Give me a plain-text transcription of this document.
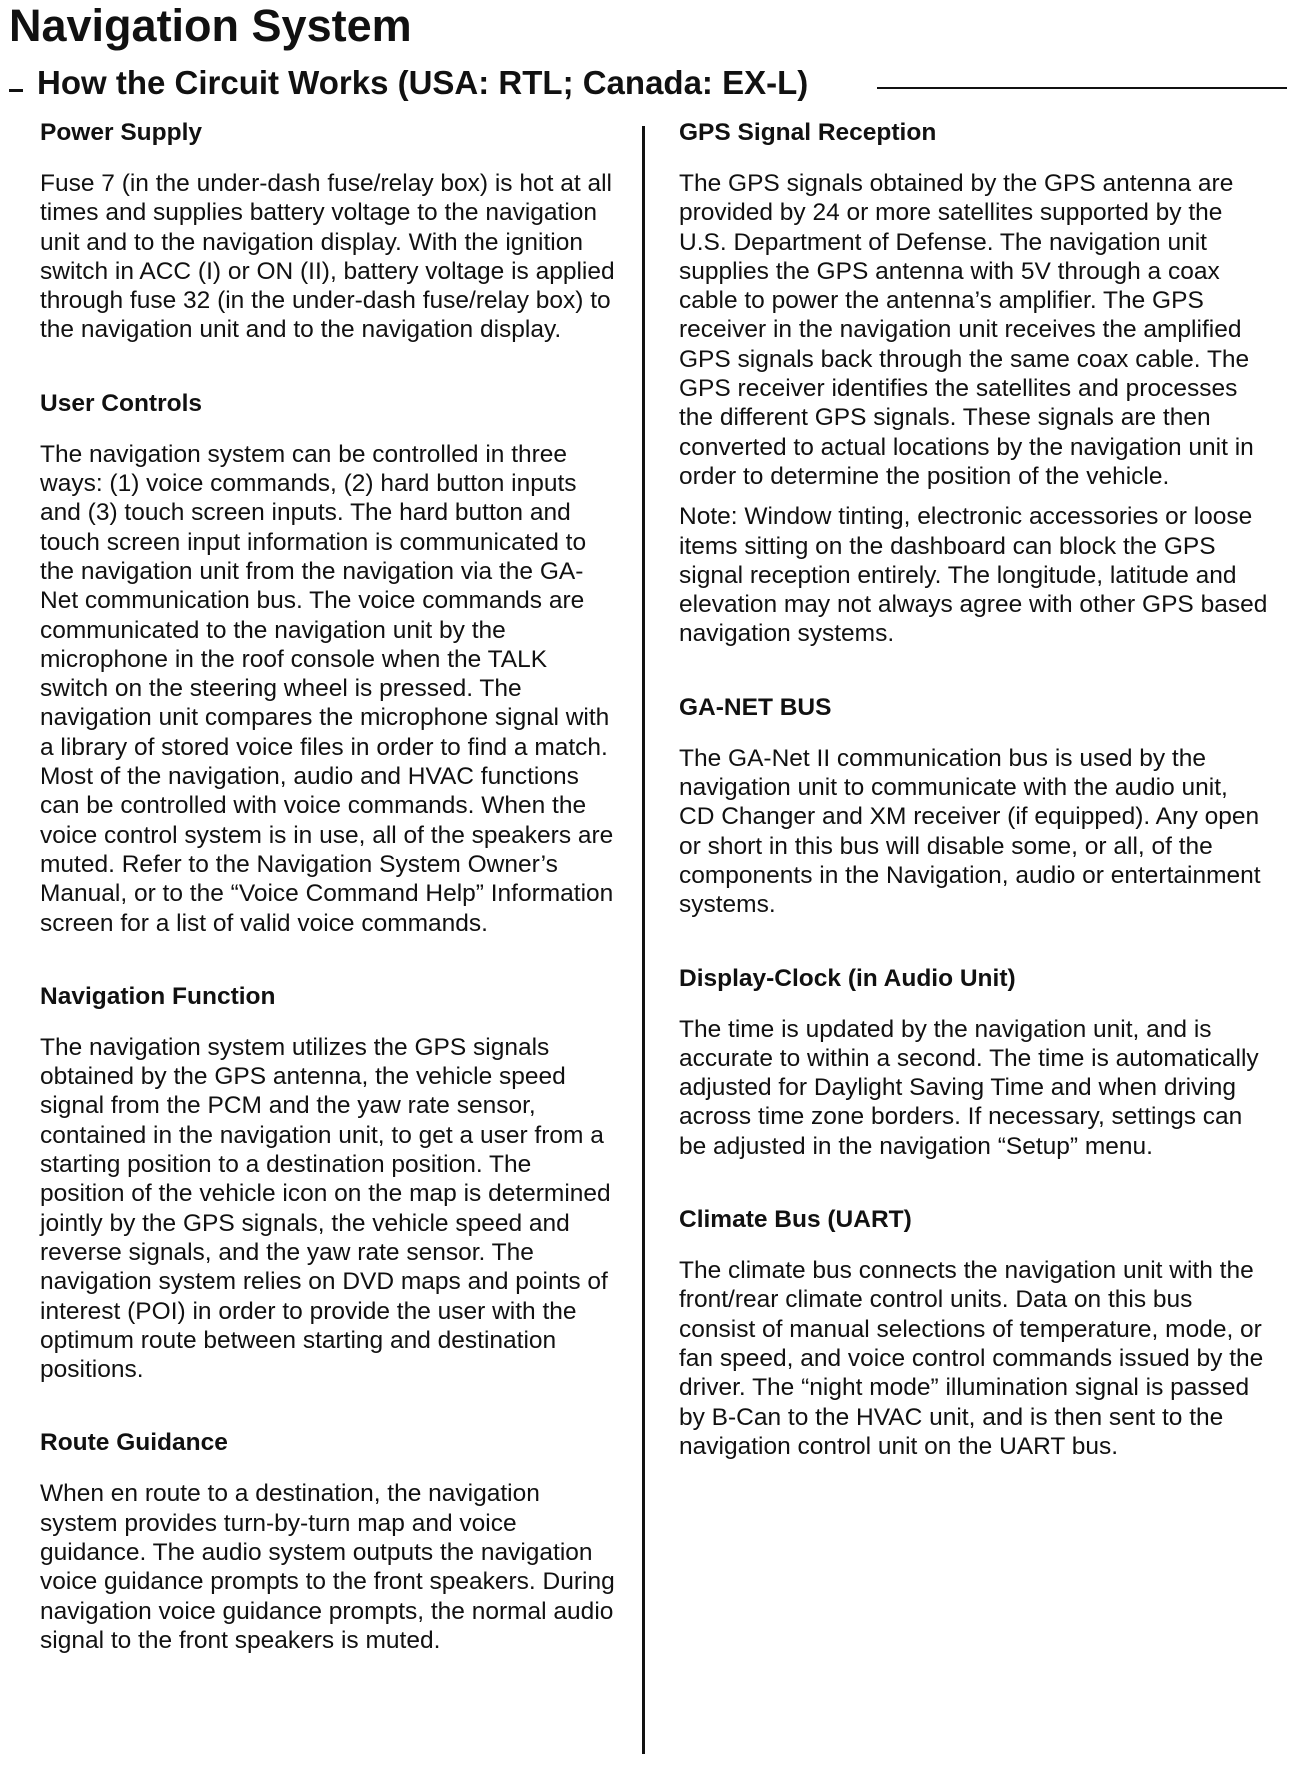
Navigation System
How the Circuit Works (USA: RTL; Canada: EX-L)
Power Supply

Fuse 7 (in the under-dash fuse/relay box) is hot at all times and supplies battery voltage to the navigation unit and to the navigation display. With the ignition switch in ACC (I) or ON (II), battery voltage is applied through fuse 32 (in the under-dash fuse/relay box) to the navigation unit and to the navigation display.

User Controls

The navigation system can be controlled in three ways: (1) voice commands, (2) hard button inputs and (3) touch screen inputs. The hard button and touch screen input information is communicated to the navigation unit from the navigation via the GA-Net communication bus. The voice commands are communicated to the navigation unit by the microphone in the roof console when the TALK switch on the steering wheel is pressed. The navigation unit compares the microphone signal with a library of stored voice files in order to find a match. Most of the navigation, audio and HVAC functions can be controlled with voice commands. When the voice control system is in use, all of the speakers are muted. Refer to the Navigation System Owner’s Manual, or to the “Voice Command Help” Information screen for a list of valid voice commands.

Navigation Function

The navigation system utilizes the GPS signals obtained by the GPS antenna, the vehicle speed signal from the PCM and the yaw rate sensor, contained in the navigation unit, to get a user from a starting position to a destination position. The position of the vehicle icon on the map is determined jointly by the GPS signals, the vehicle speed and reverse signals, and the yaw rate sensor. The navigation system relies on DVD maps and points of interest (POI) in order to provide the user with the optimum route between starting and destination positions.

Route Guidance

When en route to a destination, the navigation system provides turn-by-turn map and voice guidance. The audio system outputs the navigation voice guidance prompts to the front speakers. During navigation voice guidance prompts, the normal audio signal to the front speakers is muted.

GPS Signal Reception

The GPS signals obtained by the GPS antenna are provided by 24 or more satellites supported by the U.S. Department of Defense. The navigation unit supplies the GPS antenna with 5V through a coax cable to power the antenna’s amplifier. The GPS receiver in the navigation unit receives the amplified GPS signals back through the same coax cable. The GPS receiver identifies the satellites and processes the different GPS signals. These signals are then converted to actual locations by the navigation unit in order to determine the position of the vehicle.

Note: Window tinting, electronic accessories or loose items sitting on the dashboard can block the GPS signal reception entirely. The longitude, latitude and elevation may not always agree with other GPS based navigation systems.

GA-NET BUS

The GA-Net II communication bus is used by the navigation unit to communicate with the audio unit, CD Changer and XM receiver (if equipped). Any open or short in this bus will disable some, or all, of the components in the Navigation, audio or entertainment systems.

Display-Clock (in Audio Unit)

The time is updated by the navigation unit, and is accurate to within a second. The time is automatically adjusted for Daylight Saving Time and when driving across time zone borders. If necessary, settings can be adjusted in the navigation “Setup” menu.

Climate Bus (UART)

The climate bus connects the navigation unit with the front/rear climate control units. Data on this bus consist of manual selections of temperature, mode, or fan speed, and voice control commands issued by the driver. The “night mode” illumination signal is passed by B-Can to the HVAC unit, and is then sent to the navigation control unit on the UART bus.
